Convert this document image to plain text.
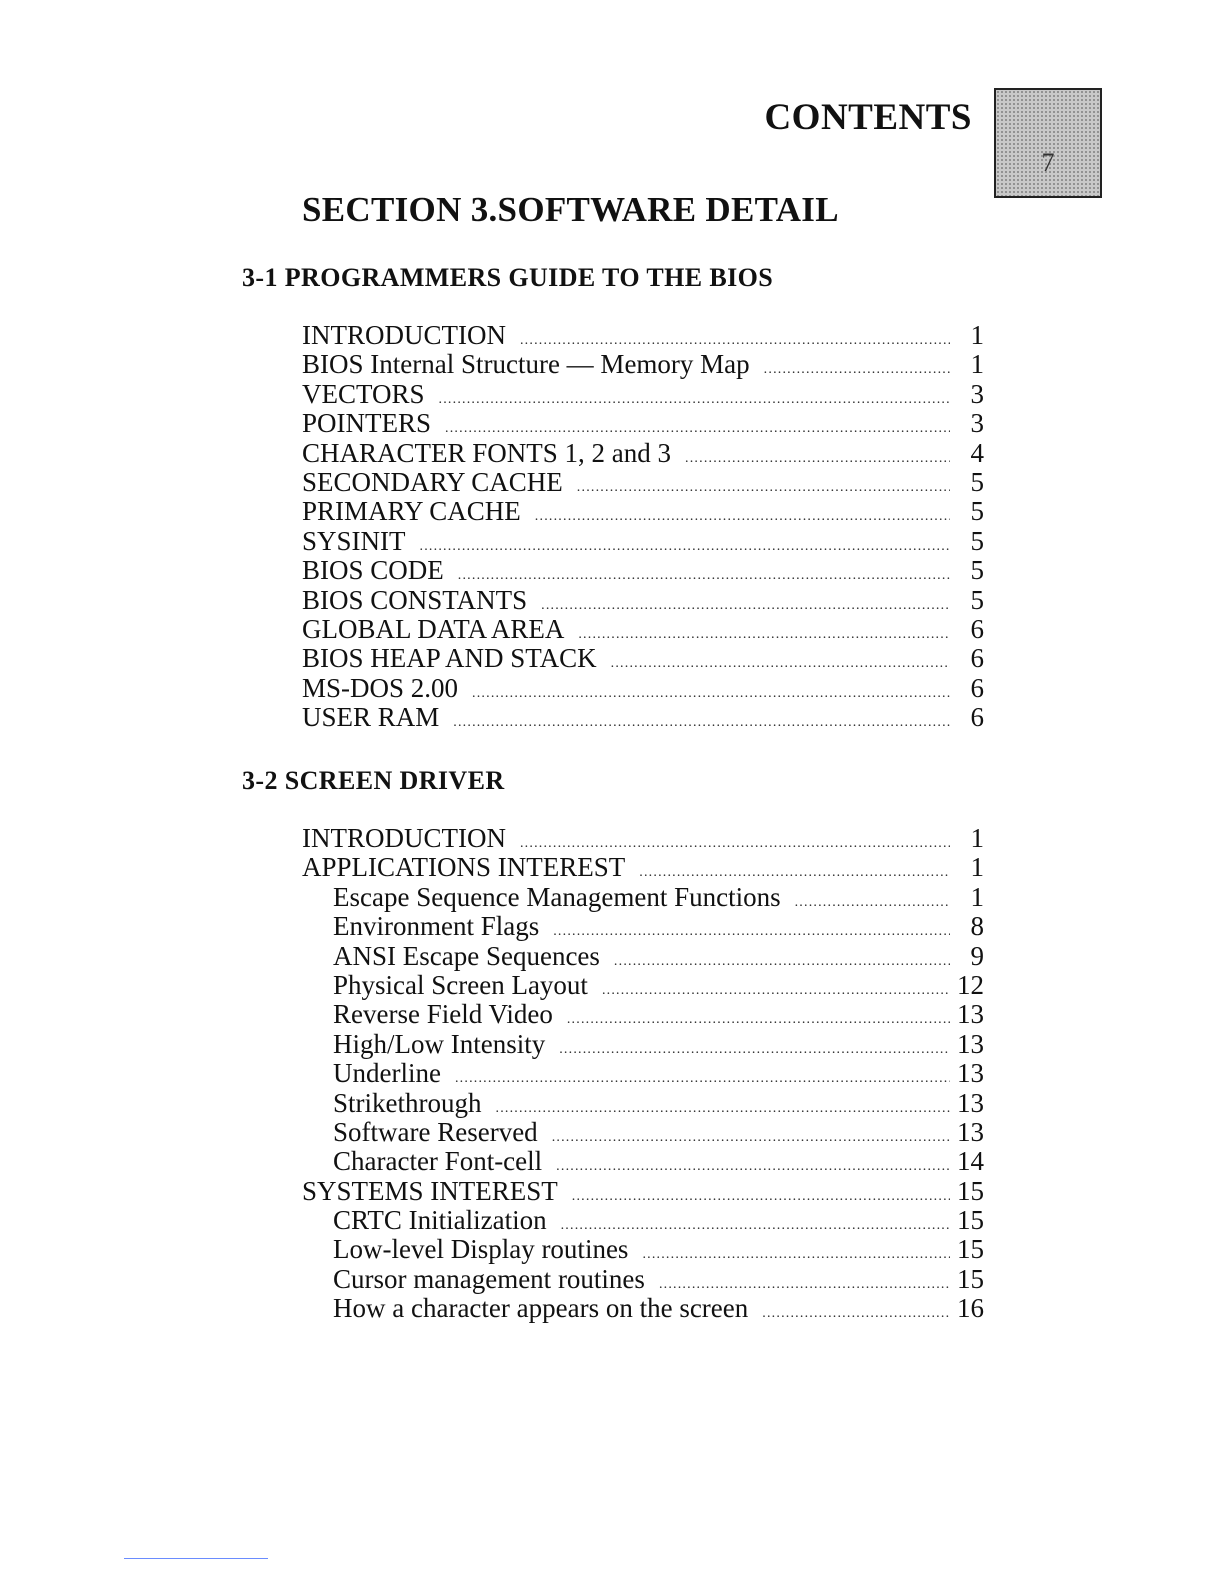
CONTENTS
7
SECTION 3.SOFTWARE DETAIL
3-1 PROGRAMMERS GUIDE TO THE BIOS
INTRODUCTION .....	1
BIOS Internal Structure — Memory Map .....	1
VECTORS .....	3
POINTERS .....	3
CHARACTER FONTS 1, 2 and 3 .....	4
SECONDARY CACHE .....	5
PRIMARY CACHE .....	5
SYSINIT .....	5
BIOS CODE .....	5
BIOS CONSTANTS .....	5
GLOBAL DATA AREA .....	6
BIOS HEAP AND STACK .....	6
MS-DOS 2.00 .....	6
USER RAM .....	6
3-2 SCREEN DRIVER
INTRODUCTION .....	1
APPLICATIONS INTEREST .....	1
Escape Sequence Management Functions .....	1
Environment Flags .....	8
ANSI Escape Sequences .....	9
Physical Screen Layout .....	12
Reverse Field Video .....	13
High/Low Intensity .....	13
Underline .....	13
Strikethrough .....	13
Software Reserved .....	13
Character Font-cell .....	14
SYSTEMS INTEREST .....	15
CRTC Initialization .....	15
Low-level Display routines .....	15
Cursor management routines .....	15
How a character appears on the screen .....	16
